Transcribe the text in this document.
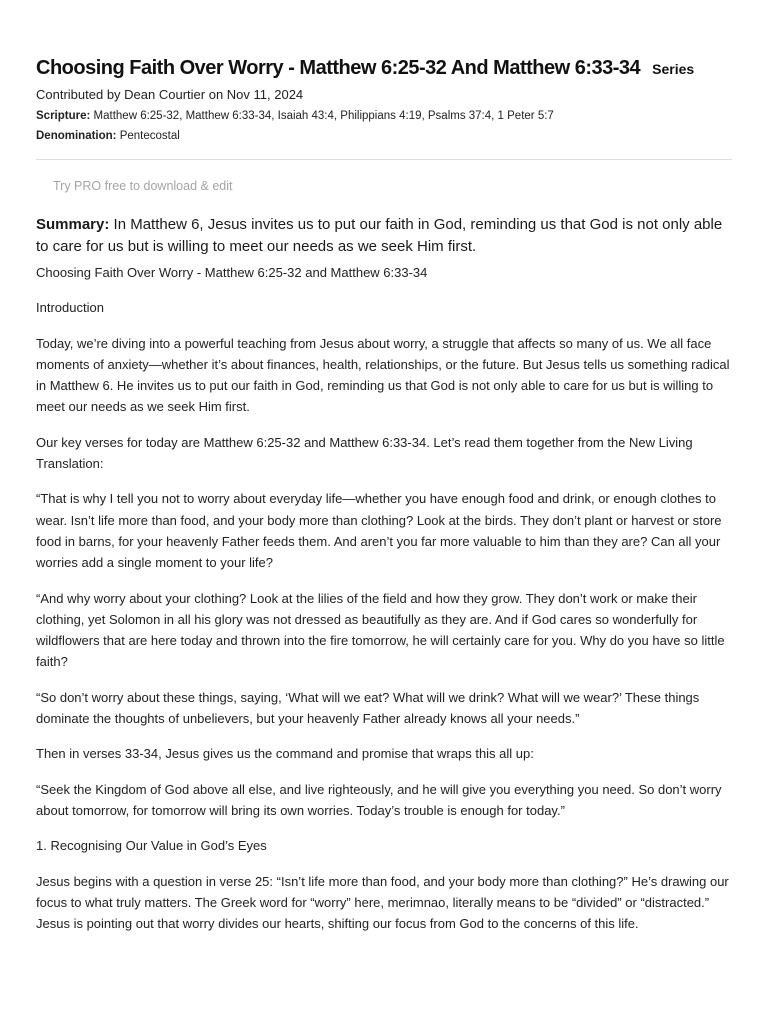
Choosing Faith Over Worry - Matthew 6:25-32 And Matthew 6:33-34 Series
Contributed by Dean Courtier on Nov 11, 2024
Scripture: Matthew 6:25-32, Matthew 6:33-34, Isaiah 43:4, Philippians 4:19, Psalms 37:4, 1 Peter 5:7
Denomination: Pentecostal
Try PRO free to download & edit
Summary: In Matthew 6, Jesus invites us to put our faith in God, reminding us that God is not only able to care for us but is willing to meet our needs as we seek Him first.

Choosing Faith Over Worry - Matthew 6:25-32 and Matthew 6:33-34

Introduction

Today, we’re diving into a powerful teaching from Jesus about worry, a struggle that affects so many of us. We all face moments of anxiety—whether it’s about finances, health, relationships, or the future. But Jesus tells us something radical in Matthew 6. He invites us to put our faith in God, reminding us that God is not only able to care for us but is willing to meet our needs as we seek Him first.

Our key verses for today are Matthew 6:25-32 and Matthew 6:33-34. Let’s read them together from the New Living Translation:

“That is why I tell you not to worry about everyday life—whether you have enough food and drink, or enough clothes to wear. Isn’t life more than food, and your body more than clothing? Look at the birds. They don’t plant or harvest or store food in barns, for your heavenly Father feeds them. And aren’t you far more valuable to him than they are? Can all your worries add a single moment to your life?

“And why worry about your clothing? Look at the lilies of the field and how they grow. They don’t work or make their clothing, yet Solomon in all his glory was not dressed as beautifully as they are. And if God cares so wonderfully for wildflowers that are here today and thrown into the fire tomorrow, he will certainly care for you. Why do you have so little faith?

“So don’t worry about these things, saying, ‘What will we eat? What will we drink? What will we wear?’ These things dominate the thoughts of unbelievers, but your heavenly Father already knows all your needs.”

Then in verses 33-34, Jesus gives us the command and promise that wraps this all up:

“Seek the Kingdom of God above all else, and live righteously, and he will give you everything you need. So don’t worry about tomorrow, for tomorrow will bring its own worries. Today’s trouble is enough for today.”

1. Recognising Our Value in God’s Eyes

Jesus begins with a question in verse 25: “Isn’t life more than food, and your body more than clothing?” He’s drawing our focus to what truly matters. The Greek word for “worry” here, merimnao, literally means to be “divided” or “distracted.” Jesus is pointing out that worry divides our hearts, shifting our focus from God to the concerns of this life.
